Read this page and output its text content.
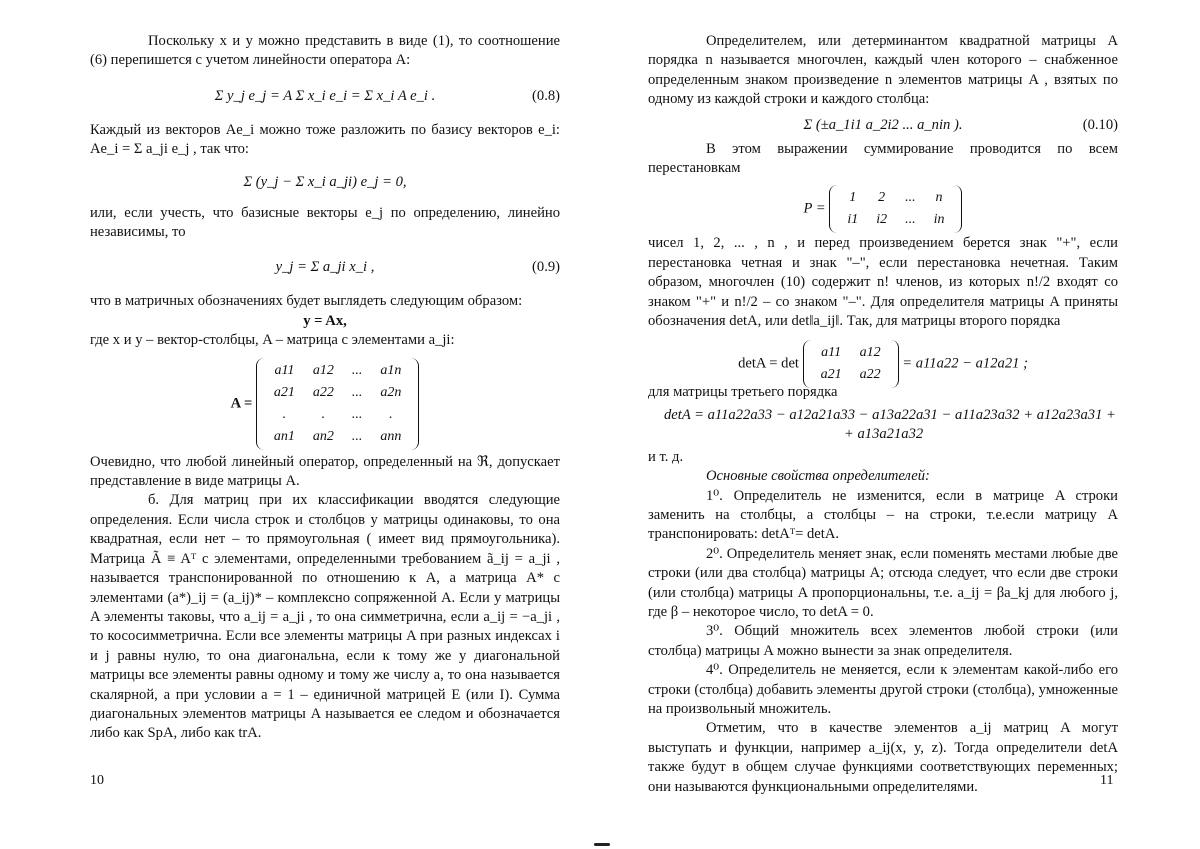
Поскольку x и y можно представить в виде (1), то соотношение (6) перепишется с учетом линейности оператора A:

Σ y_j e_j = A Σ x_i e_i = Σ x_i A e_i .	(0.8)

Каждый из векторов Ae_i можно тоже разложить по базису векторов e_i: Ae_i = Σ a_ji e_j , так что:

Σ (y_j − Σ x_i a_ji) e_j = 0,

или, если учесть, что базисные векторы e_j по определению, линейно независимы, то

y_j = Σ a_ji x_i ,	(0.9)

что в матричных обозначениях будет выглядеть следующим образом:

y = Ax,

где x и y – вектор-столбцы, A – матрица с элементами a_ji:

A =
a11	a12	...	a1n
a21	a22	...	a2n
.	.	...	.
an1	an2	...	ann

Очевидно, что любой линейный оператор, определенный на ℜ, допускает представление в виде матрицы A.

б. Для матриц при их классификации вводятся следующие определения. Если числа строк и столбцов у матрицы одинаковы, то она квадратная, если нет – то прямоугольная ( имеет вид прямоугольника). Матрица Ã ≡ Aᵀ с элементами, определенными требованием ã_ij = a_ji , называется транспонированной по отношению к A, а матрица A* с элементами (a*)_ij = (a_ij)* – комплексно сопряженной A. Если у матрицы A элементы таковы, что a_ij = a_ji , то она симметрична, если a_ij = −a_ji , то кососимметрична. Если все элементы матрицы A при разных индексах i и j равны нулю, то она диагональна, если к тому же у диагональной матрицы все элементы равны одному и тому же числу a, то она называется скалярной, а при условии a = 1 – единичной матрицей E (или I). Сумма диагональных элементов матрицы A называется ее следом и обозначается либо как SpA, либо как trA.

Определителем, или детерминантом квадратной матрицы A порядка n называется многочлен, каждый член которого – снабженное определенным знаком произведение n элементов матрицы A , взятых по одному из каждой строки и каждого столбца:

Σ (±a_1i1 a_2i2 ... a_nin ).	(0.10)

В этом выражении суммирование проводится по всем перестановкам

P =
1	2	...	n
i1	i2	...	in

чисел 1, 2, ... , n , и перед произведением берется знак "+", если перестановка четная и знак "–", если перестановка нечетная. Таким образом, многочлен (10) содержит n! членов, из которых n!/2 входят со знаком "+" и n!/2 – со знаком "–". Для определителя матрицы A приняты обозначения detA, или det‖a_ij‖. Так, для матрицы второго порядка

detA = det
a11	a12
a21	a22
= a11a22 − a12a21 ;

для матрицы третьего порядка

detA = a11a22a33 − a12a21a33 − a13a22a31 − a11a23a32 + a12a23a31 +
+ a13a21a32

и т. д.

Основные свойства определителей:

1⁰. Определитель не изменится, если в матрице A строки заменить на столбцы, а столбцы – на строки, т.е.если матрицу A транспонировать: detAᵀ= detA.

2⁰. Определитель меняет знак, если поменять местами любые две строки (или два столбца) матрицы A; отсюда следует, что если две строки (или столбца) матрицы A пропорциональны, т.е. a_ij = βa_kj для любого j, где β – некоторое число, то detA = 0.

3⁰. Общий множитель всех элементов любой строки (или столбца) матрицы A можно вынести за знак определителя.

4⁰. Определитель не меняется, если к элементам какой-либо его строки (столбца) добавить элементы другой строки (столбца), умноженные на произвольный множитель.

Отметим, что в качестве элементов a_ij матриц A могут выступать и функции, например a_ij(x, y, z). Тогда определители detA также будут в общем случае функциями соответствующих переменных; они называются функциональными определителями.

10	11
